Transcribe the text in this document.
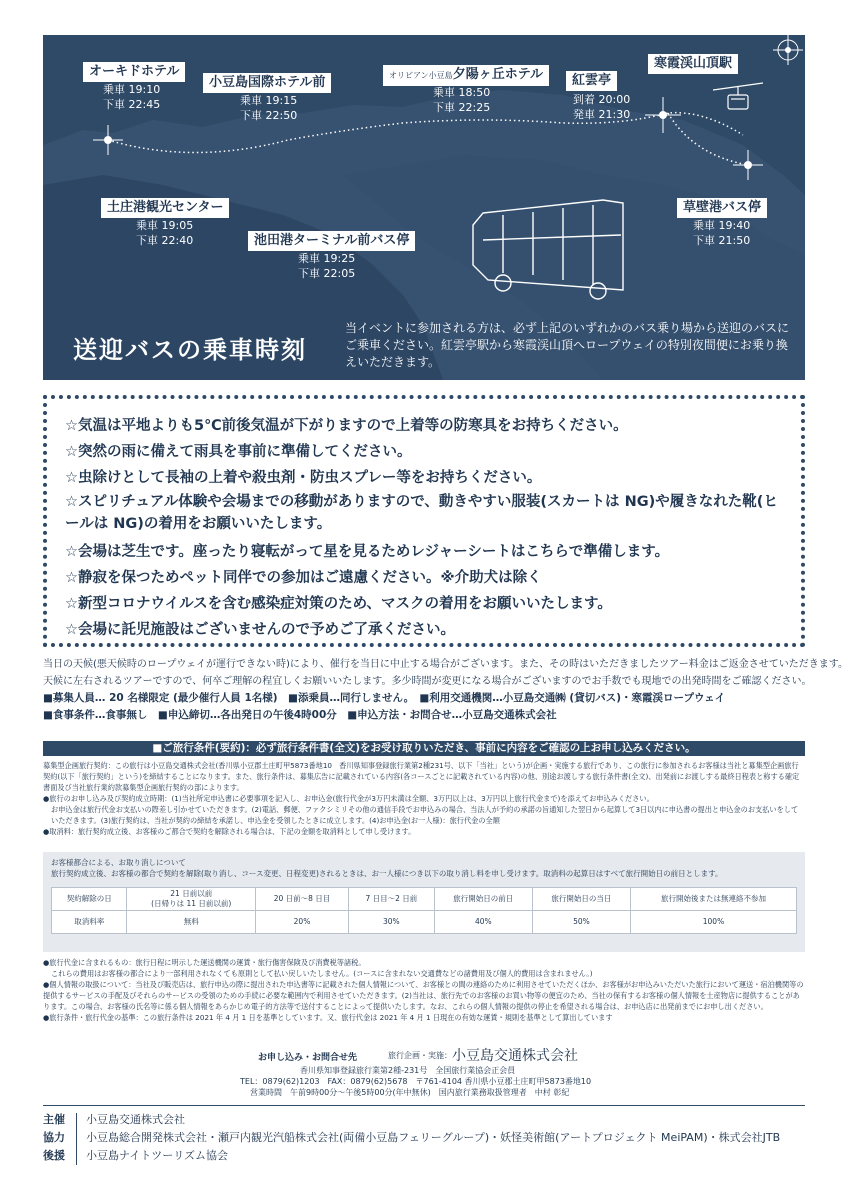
オーキドホテル
乗車 19:10
下車 22:45
小豆島国際ホテル前
乗車 19:15
下車 22:50
オリビアン小豆島夕陽ヶ丘ホテル
乗車 18:50
下車 22:25
紅雲亭
到着 20:00
発車 21:30
寒霞渓山頂駅
土庄港観光センター
乗車 19:05
下車 22:40	池田港ターミナル前バス停
乗車 19:25
下車 22:05
草壁港バス停
乗車 19:40
下車 21:50
送迎バスの乗車時刻
当イベントに参加される方は、必ず上記のいずれかのバス乗り場から送迎のバスにご乗車ください。紅雲亭駅から寒霞渓山頂へロープウェイの特別夜間便にお乗り換えいただきます。
☆気温は平地よりも5℃前後気温が下がりますので上着等の防寒具をお持ちください。
☆突然の雨に備えて雨具を事前に準備してください。
☆虫除けとして長袖の上着や殺虫剤・防虫スプレー等をお持ちください。
☆スピリチュアル体験や会場までの移動がありますので、動きやすい服装(スカートは NG)や履きなれた靴(ヒールは NG)の着用をお願いいたします。
☆会場は芝生です。座ったり寝転がって星を見るためレジャーシートはこちらで準備します。
☆静寂を保つためペット同伴での参加はご遠慮ください。※介助犬は除く
☆新型コロナウイルスを含む感染症対策のため、マスクの着用をお願いいたします。
☆会場に託児施設はございませんので予めご了承ください。
当日の天候(悪天候時のロープウェイが運行できない時)により、催行を当日に中止する場合がございます。また、その時はいただきましたツアー料金はご返金させていただきます。
天候に左右されるツアーですので、何卒ご理解の程宜しくお願いいたします。多少時間が変更になる場合がございますのでお手数でも現地での出発時間をご確認ください。
■募集人員… 20 名様限定 (最少催行人員 1名様)　■添乗員…同行しません。　■利用交通機関…小豆島交通㈱ (貸切バス)・寒霞渓ロープウェイ
■食事条件…食事無し　■申込締切…各出発日の午後4時00分　■申込方法・お問合せ…小豆島交通株式会社
■ご旅行条件(要約)：必ず旅行条件書(全文)をお受け取りいただき、事前に内容をご確認の上お申し込みください。

募集型企画旅行契約：この旅行は小豆島交通株式会社(香川県小豆郡土庄町甲5873番地10　香川県知事登録旅行業第2種231号、以下「当社」という)が企画・実施する旅行であり、この旅行に参加されるお客様は当社と募集型企画旅行契約(以下「旅行契約」という)を締結することになります。また、旅行条件は、募集広告に記載されている内容(各コースごとに記載されている内容)の他、別途お渡しする旅行条件書(全文)、出発前にお渡しする最終日程表と称する確定書面及び当社旅行業約款募集型企画旅行契約の部によります。

●旅行のお申し込み及び契約成立時期：(1)当社所定申込書に必要事項を記入し、お申込金(旅行代金が3万円未満は全額、3万円以上は、3万円以上旅行代金まで)を添えてお申込みください。

お申込金は旅行代金お支払いの際差し引かせていただきます。(2)電話、郵便、ファクシミリその他の通信手段でお申込みの場合、当法人が予約の承諾の旨通知した翌日から起算して3日以内に申込書の提出と申込金のお支払いをしていただきます。(3)旅行契約は、当社が契約の締結を承諾し、申込金を受領したときに成立します。(4)お申込金(お一人様)：旅行代金の全額

●取消料：旅行契約成立後、お客様のご都合で契約を解除される場合は、下記の金額を取消料として申し受けます。

お客様都合による、お取り消しについて
旅行契約成立後、お客様の都合で契約を解除(取り消し、コース変更、日程変更)されるときは、お一人様につき以下の取り消し料を申し受けます。取消料の起算日はすべて旅行開始日の前日とします。
契約解除の日	21 日前以前
(日帰りは 11 日前以前)	20 日前～8 日目	7 日目～2 日前	旅行開始日の前日	旅行開始日の当日	旅行開始後または無連絡不参加
取消料率	無料	20%	30%	40%	50%	100%

●旅行代金に含まれるもの：旅行日程に明示した運送機関の運賃・旅行傷害保険及び消費税等諸税。

これらの費用はお客様の都合により一部利用されなくても原則として払い戻しいたしません。(コースに含まれない交通費などの諸費用及び個人的費用は含まれません。)

●個人情報の取扱について：当社及び販売店は、旅行申込の際に提出された申込書等に記載された個人情報について、お客様との間の連絡のために利用させていただくほか、お客様がお申込みいただいた旅行において運送・宿泊機関等の提供するサービスの手配及びそれらのサービスの受領のための手続に必要な範囲内で利用させていただきます。(2)当社は、旅行先でのお客様のお買い物等の便宜のため、当社の保有するお客様の個人情報を土産物店に提供することがあります。この場合、お客様の氏名等に係る個人情報をあらかじめ電子的方法等で送付することによって提供いたします。なお、これらの個人情報の提供の停止を希望される場合は、お申込店に出発前までにお申し出ください。

●旅行条件・旅行代金の基準：この旅行条件は 2021 年 4 月 1 日を基準としています。又、旅行代金は 2021 年 4 月 1 日現在の有効な運賃・規則を基準として算出しています

お申し込み・お問合せ先	旅行企画・実施： 小豆島交通株式会社
香川県知事登録旅行業第2種-231号　全国旅行業協会正会員
TEL：0879(62)1203　FAX：0879(62)5678　〒761-4104 香川県小豆郡土庄町甲5873番地10
営業時間　午前9時00分～午後5時00分(年中無休)　国内旅行業務取扱管理者　中村 彰紀
主催 小豆島交通株式会社
協力 小豆島総合開発株式会社・瀬戸内観光汽船株式会社(両備小豆島フェリーグループ)・妖怪美術館(アートプロジェクト MeiPAM)・株式会社JTB
後援 小豆島ナイトツーリズム協会
